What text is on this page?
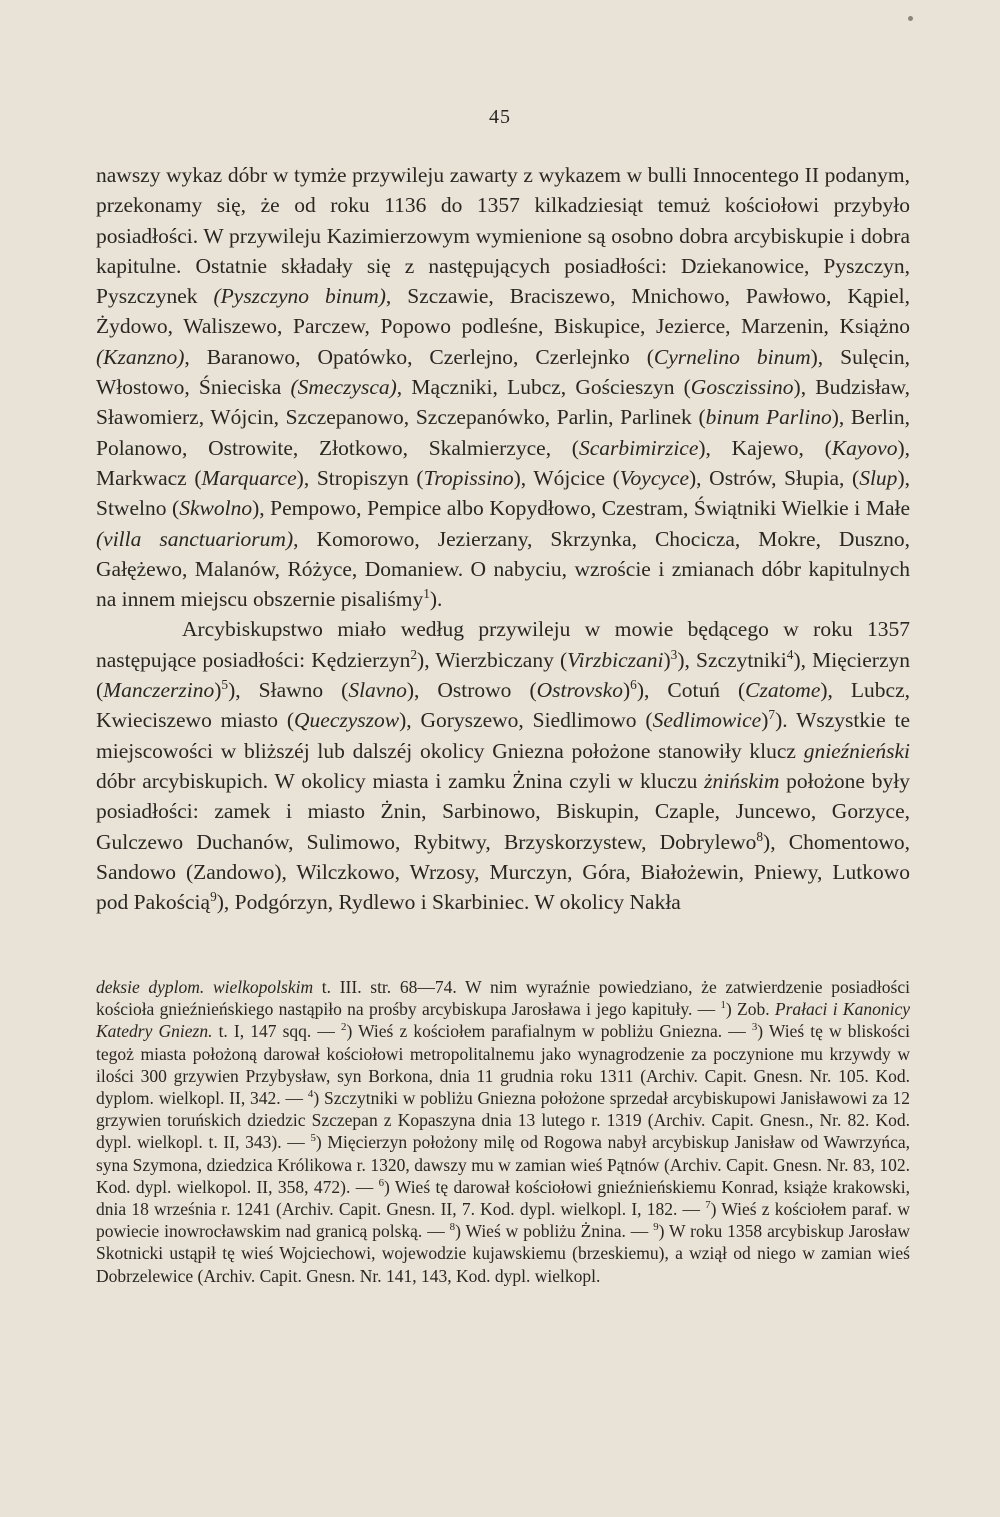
45

nawszy wykaz dóbr w tymże przywileju zawarty z wykazem w bulli Innocentego II podanym, przekonamy się, że od roku 1136 do 1357 kilkadziesiąt temuż kościołowi przybyło posiadłości. W przywileju Kazimierzowym wymienione są osobno dobra arcybiskupie i dobra kapitulne. Ostatnie składały się z następujących posiadłości: Dziekanowice, Pyszczyn, Pyszczynek (Pyszczyno binum), Szczawie, Braciszewo, Mnichowo, Pawłowo, Kąpiel, Żydowo, Waliszewo, Parczew, Popowo podleśne, Biskupice, Jezierce, Marzenin, Książno (Kzanzno), Baranowo, Opatówko, Czerlejno, Czerlejnko (Cyrnelino binum), Sulęcin, Włostowo, Śnieciska (Smeczysca), Mączniki, Lubcz, Gościeszyn (Gosczissino), Budzisław, Sławomierz, Wójcin, Szczepanowo, Szczepanówko, Parlin, Parlinek (binum Parlino), Berlin, Polanowo, Ostrowite, Złotkowo, Skalmierzyce, (Scarbimirzice), Kajewo, (Kayovo), Markwacz (Marquarce), Stropiszyn (Tropissino), Wójcice (Voycyce), Ostrów, Słupia, (Slup), Stwelno (Skwolno), Pempowo, Pempice albo Kopydłowo, Czestram, Świątniki Wielkie i Małe (villa sanctuariorum), Komorowo, Jezierzany, Skrzynka, Chocicza, Mokre, Duszno, Gałężewo, Malanów, Różyce, Domaniew. O nabyciu, wzroście i zmianach dóbr kapitulnych na innem miejscu obszernie pisaliśmy$^1$).

Arcybiskupstwo miało według przywileju w mowie będącego w roku 1357 następujące posiadłości: Kędzierzyn$^2$), Wierzbiczany (Virzbiczani)$^3$), Szczytniki$^4$), Mięcierzyn (Manczerzino)$^5$), Sławno (Slavno), Ostrowo (Ostrovsko)$^6$), Cotuń (Czatome), Lubcz, Kwieciszewo miasto (Queczyszow), Goryszewo, Siedlimowo (Sedlimowice)$^7$). Wszystkie te miejscowości w bliższéj lub dalszéj okolicy Gniezna położone stanowiły klucz gnieźnieński dóbr arcybiskupich. W okolicy miasta i zamku Żnina czyli w kluczu żnińskim położone były posiadłości: zamek i miasto Żnin, Sarbinowo, Biskupin, Czaple, Juncewo, Gorzyce, Gulczewo Duchanów, Sulimowo, Rybitwy, Brzyskorzystew, Dobrylewo$^8$), Chomentowo, Sandowo (Zandowo), Wilczkowo, Wrzosy, Murczyn, Góra, Białożewin, Pniewy, Lutkowo pod Pakością$^9$), Podgórzyn, Rydlewo i Skarbiniec. W okolicy Nakła

deksie dyplom. wielkopolskim t. III. str. 68—74. W nim wyraźnie powiedziano, że zatwierdzenie posiadłości kościoła gnieźnieńskiego nastąpiło na prośby arcybiskupa Jarosława i jego kapituły. — $^1$) Zob. Prałaci i Kanonicy Katedry Gniezn. t. I, 147 sqq. — $^2$) Wieś z kościołem parafialnym w pobliżu Gniezna. — $^3$) Wieś tę w bliskości tegoż miasta położoną darował kościołowi metropolitalnemu jako wynagrodzenie za poczynione mu krzywdy w ilości 300 grzywien Przybysław, syn Borkona, dnia 11 grudnia roku 1311 (Archiv. Capit. Gnesn. Nr. 105. Kod. dyplom. wielkopl. II, 342. — $^4$) Szczytniki w pobliżu Gniezna położone sprzedał arcybiskupowi Janisławowi za 12 grzywien toruńskich dziedzic Szczepan z Kopaszyna dnia 13 lutego r. 1319 (Archiv. Capit. Gnesn., Nr. 82. Kod. dypl. wielkopl. t. II, 343). — $^5$) Mięcierzyn położony milę od Rogowa nabył arcybiskup Janisław od Wawrzyńca, syna Szymona, dziedzica Królikowa r. 1320, dawszy mu w zamian wieś Pątnów (Archiv. Capit. Gnesn. Nr. 83, 102. Kod. dypl. wielkopol. II, 358, 472). — $^6$) Wieś tę darował kościołowi gnieźnieńskiemu Konrad, książe krakowski, dnia 18 września r. 1241 (Archiv. Capit. Gnesn. II, 7. Kod. dypl. wielkopl. I, 182. — $^7$) Wieś z kościołem paraf. w powiecie inowrocławskim nad granicą polską. — $^8$) Wieś w pobliżu Żnina. — $^9$) W roku 1358 arcybiskup Jarosław Skotnicki ustąpił tę wieś Wojciechowi, wojewodzie kujawskiemu (brzeskiemu), a wziął od niego w zamian wieś Dobrzelewice (Archiv. Capit. Gnesn. Nr. 141, 143, Kod. dypl. wielkopl.
